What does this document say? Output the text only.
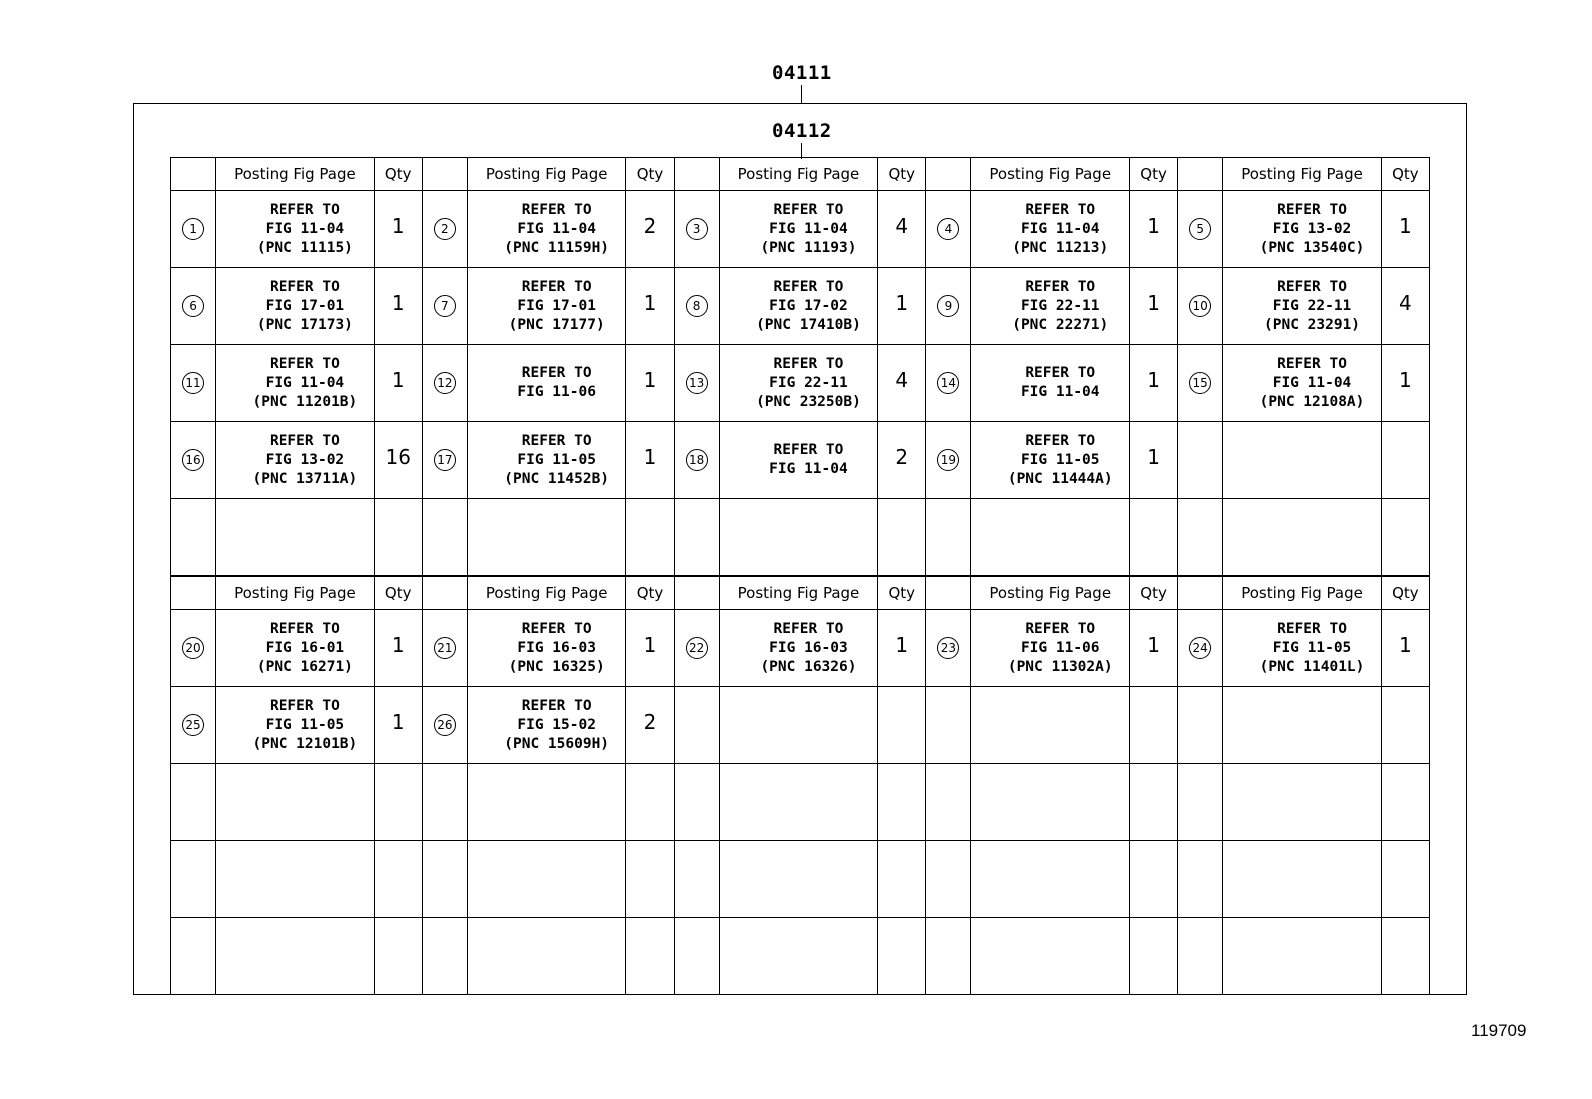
04111
04112
	Posting Fig Page	Qty		Posting Fig Page	Qty		Posting Fig Page	Qty		Posting Fig Page	Qty		Posting Fig Page	Qty
1	REFER TO
FIG 11-04
(PNC 11115)	1	2	REFER TO
FIG 11-04
(PNC 11159H)	2	3	REFER TO
FIG 11-04
(PNC 11193)	4	4	REFER TO
FIG 11-04
(PNC 11213)	1	5	REFER TO
FIG 13-02
(PNC 13540C)	1
6	REFER TO
FIG 17-01
(PNC 17173)	1	7	REFER TO
FIG 17-01
(PNC 17177)	1	8	REFER TO
FIG 17-02
(PNC 17410B)	1	9	REFER TO
FIG 22-11
(PNC 22271)	1	10	REFER TO
FIG 22-11
(PNC 23291)	4
11	REFER TO
FIG 11-04
(PNC 11201B)	1	12	REFER TO
FIG 11-06	1	13	REFER TO
FIG 22-11
(PNC 23250B)	4	14	REFER TO
FIG 11-04	1	15	REFER TO
FIG 11-04
(PNC 12108A)	1
16	REFER TO
FIG 13-02
(PNC 13711A)	16	17	REFER TO
FIG 11-05
(PNC 11452B)	1	18	REFER TO
FIG 11-04	2	19	REFER TO
FIG 11-05
(PNC 11444A)	1			

	Posting Fig Page	Qty		Posting Fig Page	Qty		Posting Fig Page	Qty		Posting Fig Page	Qty		Posting Fig Page	Qty
20	REFER TO
FIG 16-01
(PNC 16271)	1	21	REFER TO
FIG 16-03
(PNC 16325)	1	22	REFER TO
FIG 16-03
(PNC 16326)	1	23	REFER TO
FIG 11-06
(PNC 11302A)	1	24	REFER TO
FIG 11-05
(PNC 11401L)	1
25	REFER TO
FIG 11-05
(PNC 12101B)	1	26	REFER TO
FIG 15-02
(PNC 15609H)	2									

119709
